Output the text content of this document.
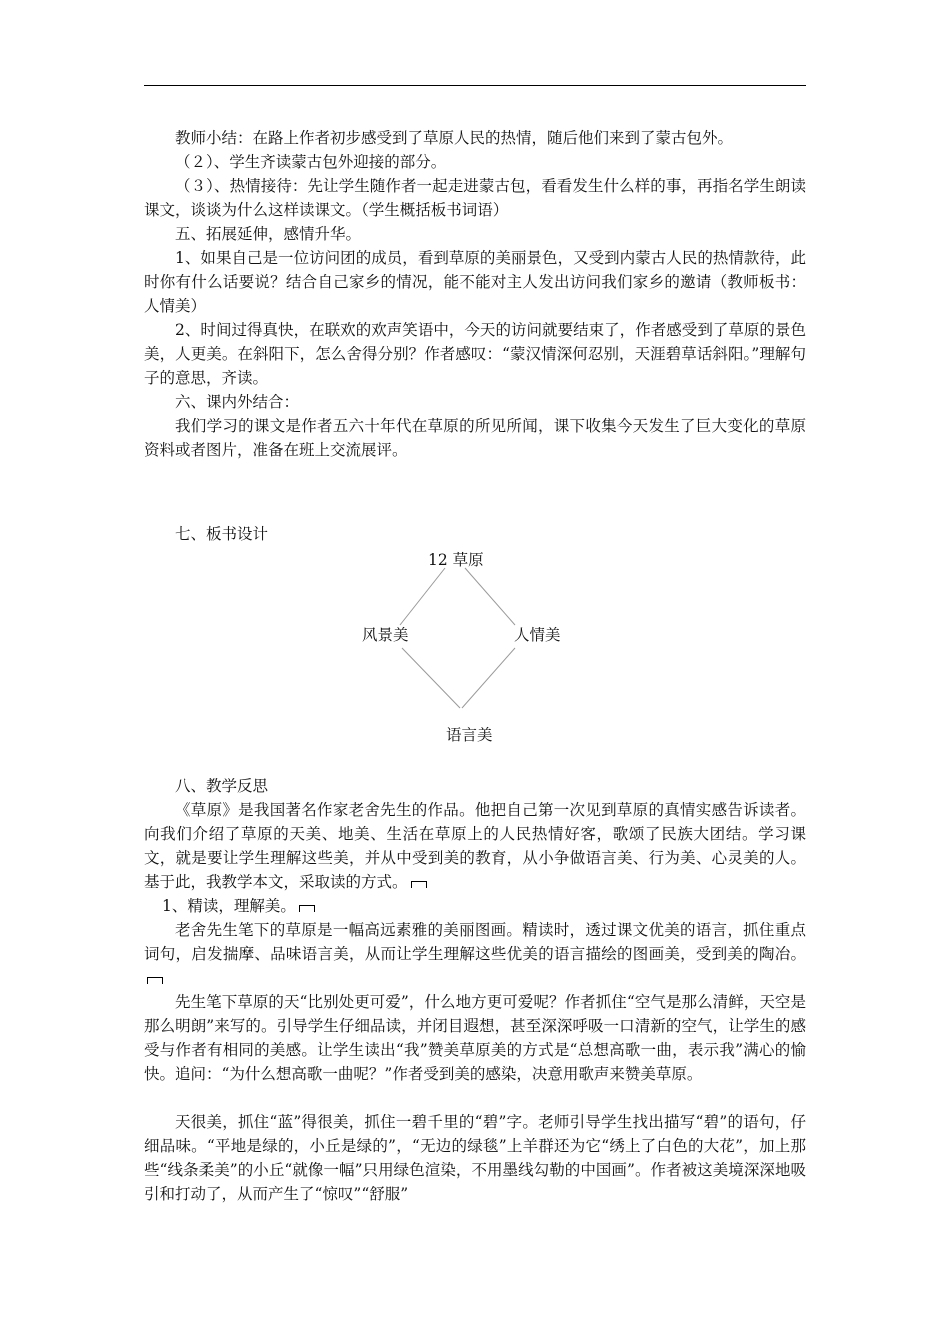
教师小结：在路上作者初步感受到了草原人民的热情，随后他们来到了蒙古包外。

（２）、学生齐读蒙古包外迎接的部分。

（３）、热情接待：先让学生随作者一起走进蒙古包，看看发生什么样的事，再指名学生朗读课文，谈谈为什么这样读课文。（学生概括板书词语）

五、拓展延伸，感情升华。

1、如果自己是一位访问团的成员，看到草原的美丽景色，又受到内蒙古人民的热情款待，此时你有什么话要说？结合自己家乡的情况，能不能对主人发出访问我们家乡的邀请（教师板书：人情美）

2、时间过得真快，在联欢的欢声笑语中，今天的访问就要结束了，作者感受到了草原的景色美，人更美。在斜阳下，怎么舍得分别？作者感叹：“蒙汉情深何忍别，天涯碧草话斜阳。”理解句子的意思，齐读。

六、课内外结合：

我们学习的课文是作者五六十年代在草原的所见所闻，课下收集今天发生了巨大变化的草原资料或者图片，准备在班上交流展评。

七、板书设计

12 草原
风景美	人情美
语言美

八、教学反思

《草原》是我国著名作家老舍先生的作品。他把自己第一次见到草原的真情实感告诉读者。向我们介绍了草原的天美、地美、生活在草原上的人民热情好客，歌颂了民族大团结。学习课文，就是要让学生理解这些美，并从中受到美的教育，从小争做语言美、行为美、心灵美的人。基于此，我教学本文，采取读的方式。

1、精读，理解美。

老舍先生笔下的草原是一幅高远素雅的美丽图画。精读时，透过课文优美的语言，抓住重点词句，启发揣摩、品味语言美，从而让学生理解这些优美的语言描绘的图画美，受到美的陶冶。

先生笔下草原的天“比别处更可爱”，什么地方更可爱呢？作者抓住“空气是那么清鲜，天空是那么明朗”来写的。引导学生仔细品读，并闭目遐想，甚至深深呼吸一口清新的空气，让学生的感受与作者有相同的美感。让学生读出“我”赞美草原美的方式是“总想高歌一曲，表示我”满心的愉快。追问：“为什么想高歌一曲呢？”作者受到美的感染，决意用歌声来赞美草原。

天很美，抓住“蓝”得很美，抓住一碧千里的“碧”字。老师引导学生找出描写“碧”的语句，仔细品味。“平地是绿的，小丘是绿的”，“无边的绿毯”上羊群还为它“绣上了白色的大花”，加上那些“线条柔美”的小丘“就像一幅”只用绿色渲染，不用墨线勾勒的中国画”。作者被这美境深深地吸引和打动了，从而产生了“惊叹”“舒服”
